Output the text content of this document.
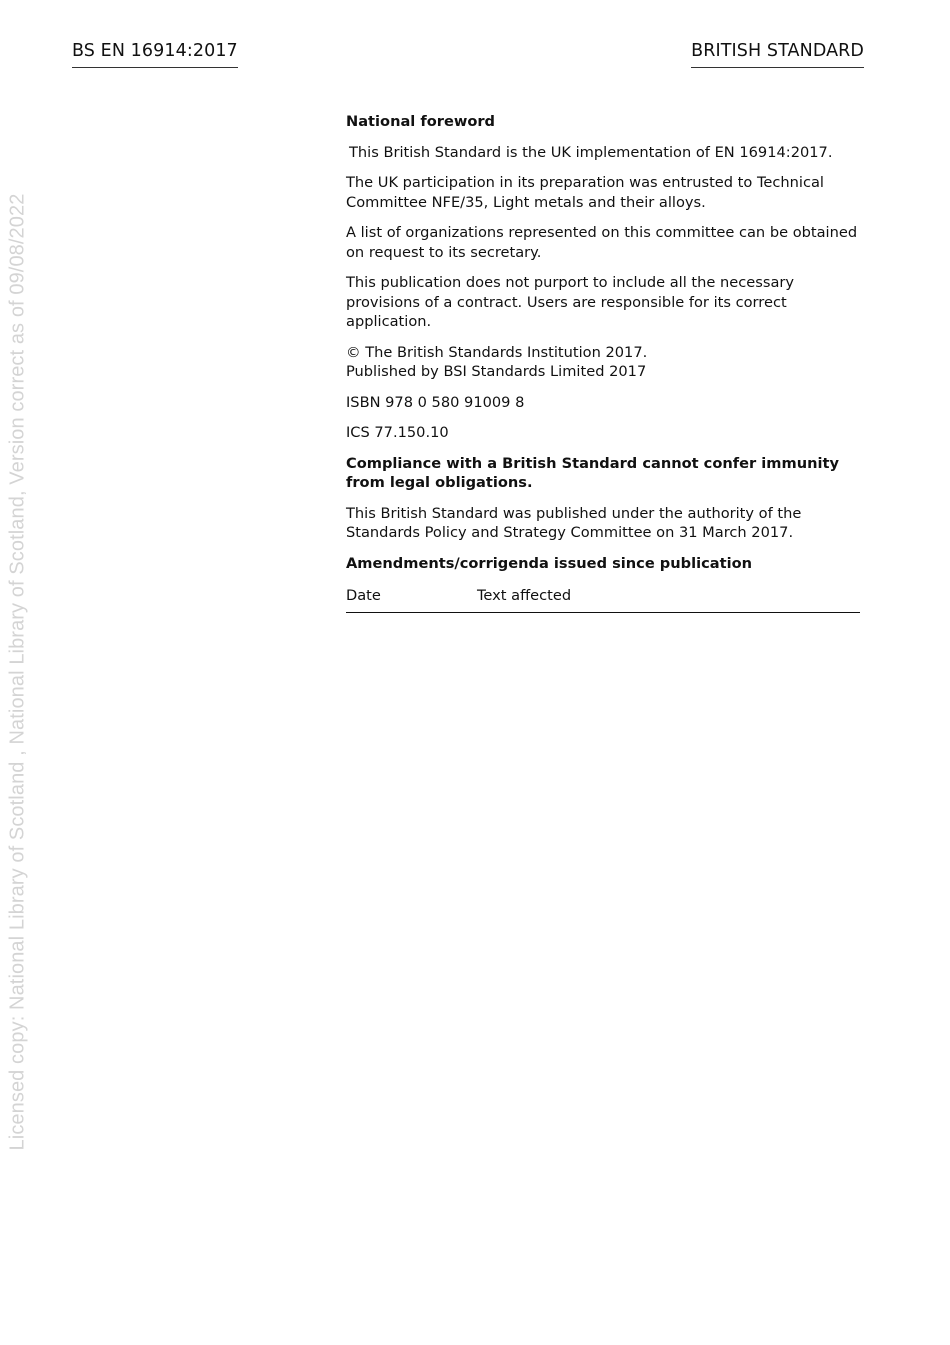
BS EN 16914:2017	BRITISH STANDARD
Licensed copy: National Library of Scotland , National Library of Scotland, Version correct as of 09/08/2022

National foreword

This British Standard is the UK implementation of EN 16914:2017.

The UK participation in its preparation was entrusted to Technical Committee NFE/35, Light metals and their alloys.

A list of organizations represented on this committee can be obtained on request to its secretary.

This publication does not purport to include all the necessary provisions of a contract. Users are responsible for its correct application.

© The British Standards Institution 2017.
Published by BSI Standards Limited 2017

ISBN 978 0 580 91009 8

ICS 77.150.10

Compliance with a British Standard cannot confer immunity from legal obligations.

This British Standard was published under the authority of the Standards Policy and Strategy Committee on 31 March 2017.

Amendments/corrigenda issued since publication

Date	Text affected
